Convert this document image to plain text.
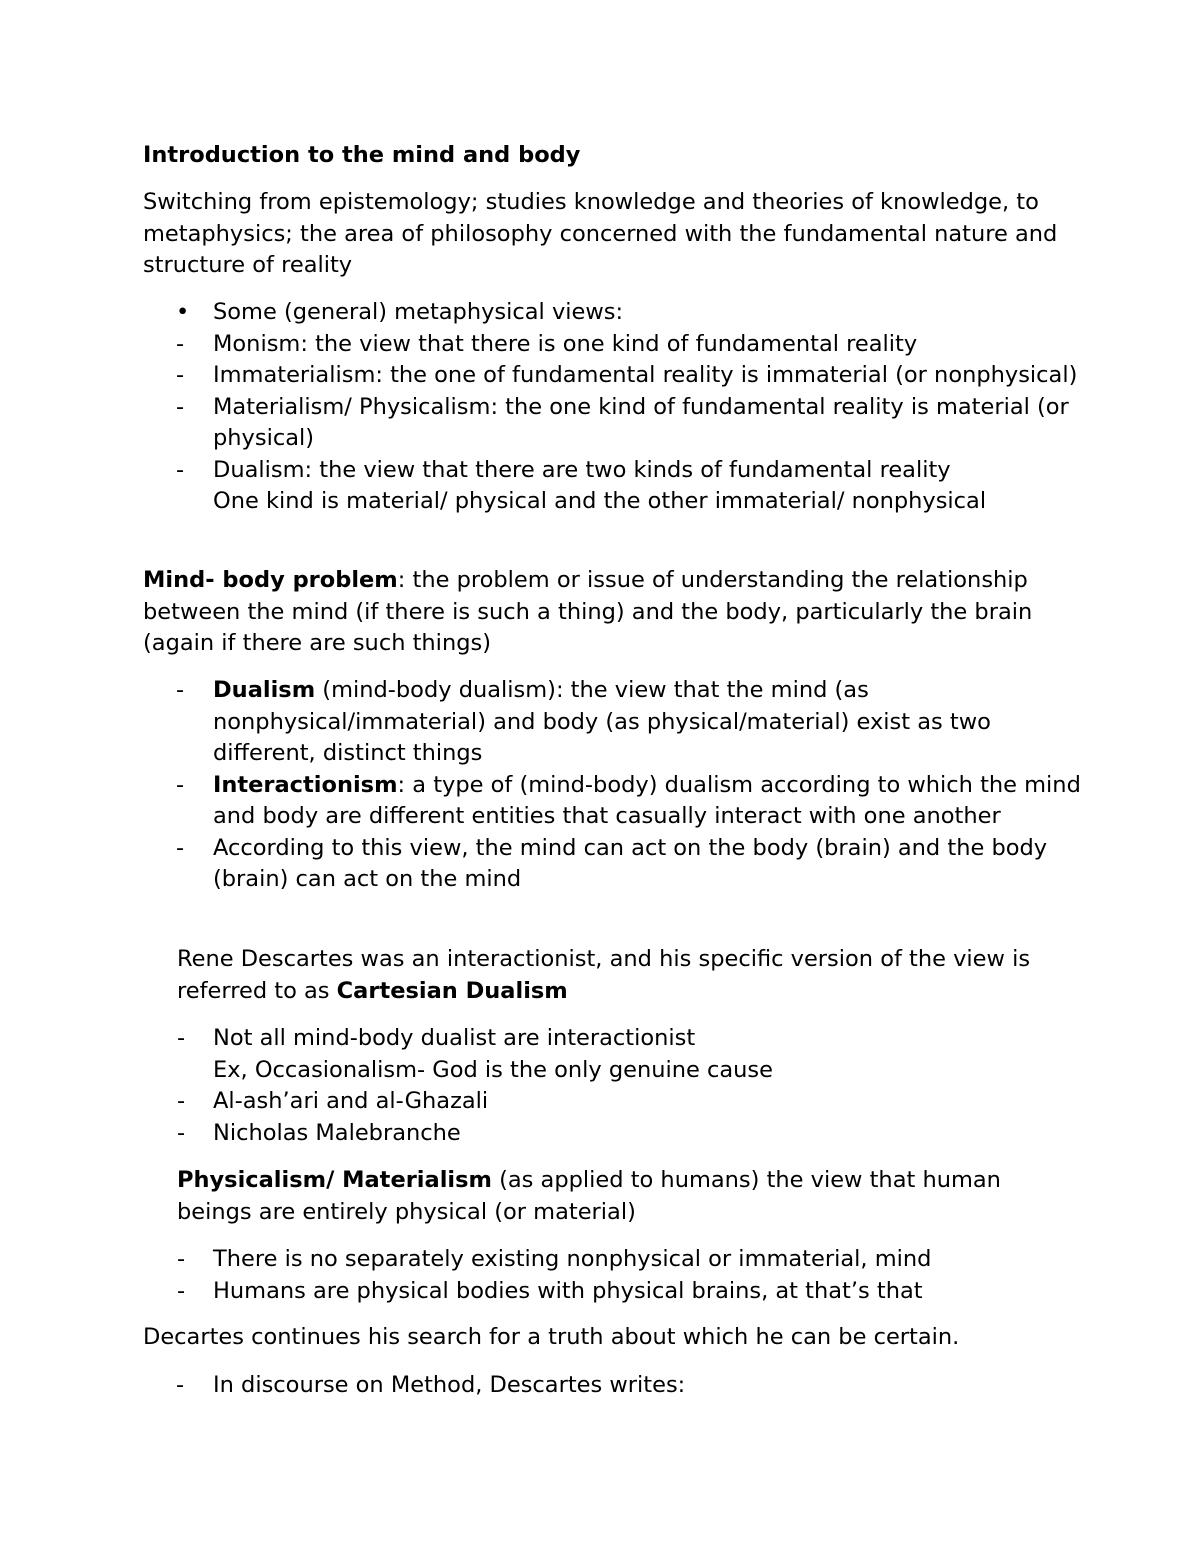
Introduction to the mind and body

Switching from epistemology; studies knowledge and theories of knowledge, to metaphysics; the area of philosophy concerned with the fundamental nature and structure of reality

• Some (general) metaphysical views:
-	Monism: the view that there is one kind of fundamental reality
-	Immaterialism: the one of fundamental reality is immaterial (or nonphysical)
-	Materialism/ Physicalism: the one kind of fundamental reality is material (or physical)
-	Dualism: the view that there are two kinds of fundamental reality
One kind is material/ physical and the other immaterial/ nonphysical

Mind- body problem: the problem or issue of understanding the relationship between the mind (if there is such a thing) and the body, particularly the brain (again if there are such things)

-	Dualism (mind-body dualism): the view that the mind (as nonphysical/immaterial) and body (as physical/material) exist as two different, distinct things
-	Interactionism: a type of (mind-body) dualism according to which the mind and body are different entities that casually interact with one another
-	According to this view, the mind can act on the body (brain) and the body (brain) can act on the mind

Rene Descartes was an interactionist, and his specific version of the view is referred to as Cartesian Dualism

-	Not all mind-body dualist are interactionist
Ex, Occasionalism- God is the only genuine cause
-	Al-ash’ari and al-Ghazali
-	Nicholas Malebranche

Physicalism/ Materialism (as applied to humans) the view that human beings are entirely physical (or material)

-	There is no separately existing nonphysical or immaterial, mind
-	Humans are physical bodies with physical brains, at that’s that

Decartes continues his search for a truth about which he can be certain.

-	In discourse on Method, Descartes writes:
